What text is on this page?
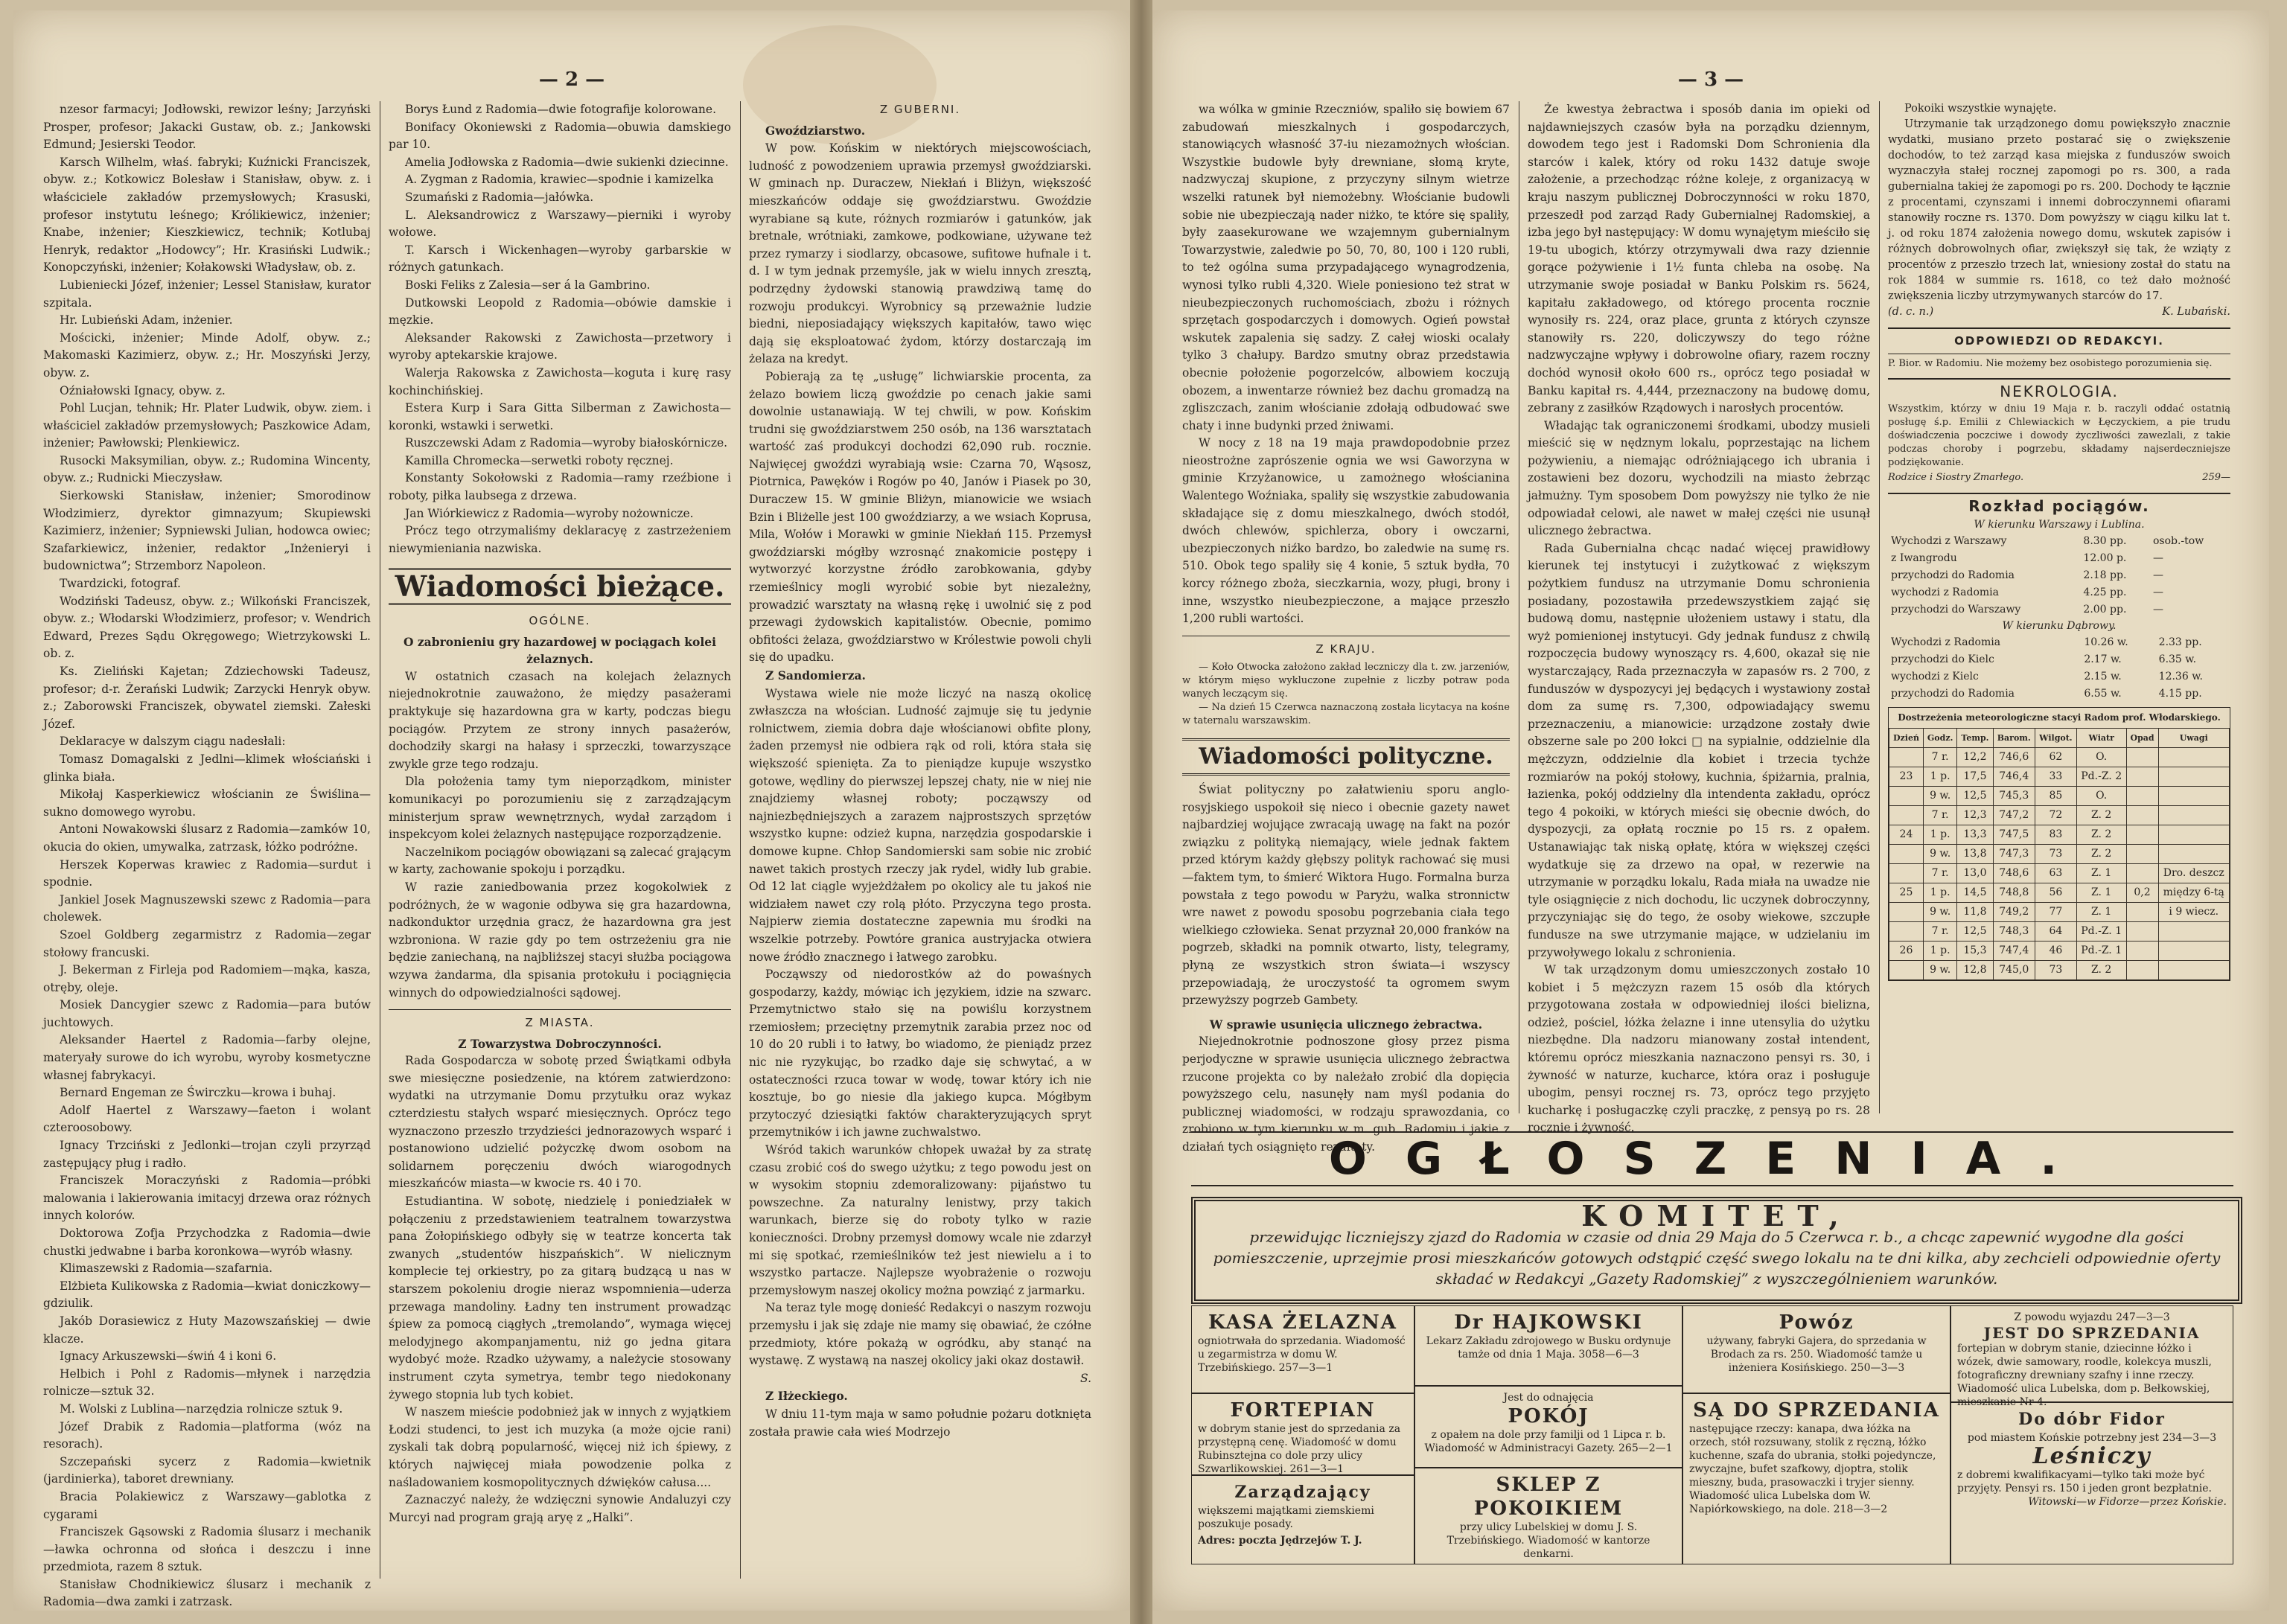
— 2 —

nzesor farmacyi; Jodłowski, rewizor leśny; Jarzyński Prosper, profesor; Jakacki Gustaw, ob. z.; Jankowski Edmund; Jesierski Teodor.

Karsch Wilhelm, właś. fabryki; Kuźnicki Franciszek, obyw. z.; Kotkowicz Bolesław i Stanisław, obyw. z. i właściciele zakładów przemysłowych; Krasuski, profesor instytutu leśnego; Królikiewicz, inżenier; Knabe, inżenier; Kieszkiewicz, technik; Kotlubaj Henryk, redaktor „Hodowcy”; Hr. Krasiński Ludwik.; Konopczyński, inżenier; Kołakowski Władysław, ob. z.

Lubieniecki Józef, inżenier; Lessel Stanisław, kurator szpitala.

Hr. Lubieński Adam, inżenier.

Mościcki, inżenier; Minde Adolf, obyw. z.; Makomaski Kazimierz, obyw. z.; Hr. Moszyński Jerzy, obyw. z.

Oźniałowski Ignacy, obyw. z.

Pohl Lucjan, tehnik; Hr. Plater Ludwik, obyw. ziem. i właściciel zakładów przemysłowych; Paszkowice Adam, inżenier; Pawłowski; Plenkiewicz.

Rusocki Maksymilian, obyw. z.; Rudomina Wincenty, obyw. z.; Rudnicki Mieczysław.

Sierkowski Stanisław, inżenier; Smorodinow Włodzimierz, dyrektor gimnazyum; Skupiewski Kazimierz, inżenier; Sypniewski Julian, hodowca owiec; Szafarkiewicz, inżenier, redaktor „Inżenieryi i budownictwa”; Strzemborz Napoleon.

Twardzicki, fotograf.

Wodziński Tadeusz, obyw. z.; Wilkoński Franciszek, obyw. z.; Włodarski Włodzimierz, profesor; v. Wendrich Edward, Prezes Sądu Okręgowego; Wietrzykowski L. ob. z.

Ks. Zieliński Kajetan; Zdziechowski Tadeusz, profesor; d-r. Żerański Ludwik; Zarzycki Henryk obyw. z.; Zaborowski Franciszek, obywatel ziemski. Załeski Józef.

Deklaracye w dalszym ciągu nadesłali:

Tomasz Domagalski z Jedlni—klimek włościański i glinka biała.

Mikołaj Kasperkiewicz włościanin ze Świślina—sukno domowego wyrobu.

Antoni Nowakowski ślusarz z Radomia—zamków 10, okucia do okien, umywalka, zatrzask, łóżko podróżne.

Herszek Koperwas krawiec z Radomia—surdut i spodnie.

Jankiel Josek Magnuszewski szewc z Radomia—para cholewek.

Szoel Goldberg zegarmistrz z Radomia—zegar stołowy francuski.

J. Bekerman z Firleja pod Radomiem—mąka, kasza, otręby, oleje.

Mosiek Dancygier szewc z Radomia—para butów juchtowych.

Aleksander Haertel z Radomia—farby olejne, materyały surowe do ich wyrobu, wyroby kosmetyczne własnej fabrykacyi.

Bernard Engeman ze Świrczku—krowa i buhaj.

Adolf Haertel z Warszawy—faeton i wolant czteroosobowy.

Ignacy Trzciński z Jedlonki—trojan czyli przyrząd zastępujący pług i radło.

Franciszek Moraczyński z Radomia—próbki malowania i lakierowania imitacyj drzewa oraz różnych innych kolorów.

Doktorowa Zofja Przychodzka z Radomia—dwie chustki jedwabne i barba koronkowa—wyrób własny.

Klimaszewski z Radomia—szafarnia.

Elżbieta Kulikowska z Radomia—kwiat doniczkowy—gdziulik.

Jakób Dorasiewicz z Huty Mazowszańskiej — dwie klacze.

Ignacy Arkuszewski—świń 4 i koni 6.

Helbich i Pohl z Radomis—młynek i narzędzia rolnicze—sztuk 32.

M. Wolski z Lublina—narzędzia rolnicze sztuk 9.

Józef Drabik z Radomia—platforma (wóz na resorach).

Szczepański sycerz z Radomia—kwietnik (jardinierka), taboret drewniany.

Bracia Polakiewicz z Warszawy—gablotka z cygarami

Franciszek Gąsowski z Radomia ślusarz i mechanik—ławka ochronna od słońca i deszczu i inne przedmiota, razem 8 sztuk.

Stanisław Chodnikiewicz ślusarz i mechanik z Radomia—dwa zamki i zatrzask.

Borys Łund z Radomia—dwie fotografije kolorowane.

Bonifacy Okoniewski z Radomia—obuwia damskiego par 10.

Amelia Jodłowska z Radomia—dwie sukienki dziecinne.

A. Zygman z Radomia, krawiec—spodnie i kamizelka

Szumański z Radomia—jałówka.

L. Aleksandrowicz z Warszawy—pierniki i wyroby wołowe.

T. Karsch i Wickenhagen—wyroby garbarskie w różnych gatunkach.

Boski Feliks z Zalesia—ser á la Gambrino.

Dutkowski Leopold z Radomia—obówie damskie i męzkie.

Aleksander Rakowski z Zawichosta—przetwory i wyroby aptekarskie krajowe.

Walerja Rakowska z Zawichosta—koguta i kurę rasy kochinchińskiej.

Estera Kurp i Sara Gitta Silberman z Zawichosta—koronki, wstawki i serwetki.

Ruszczewski Adam z Radomia—wyroby białoskórnicze.

Kamilla Chromecka—serwetki roboty ręcznej.

Konstanty Sokołowski z Radomia—ramy rzeźbione i roboty, piłka laubsega z drzewa.

Jan Wiórkiewicz z Radomia—wyroby nożownicze.

Prócz tego otrzymaliśmy deklaracyę z zastrzeżeniem niewymieniania nazwiska.

Wiadomości bieżące.
OGÓLNE.
O zabronieniu gry hazardowej w pociągach kolei żelaznych.

W ostatnich czasach na kolejach żelaznych niejednokrotnie zauważono, że między pasażerami praktykuje się hazardowna gra w karty, podczas biegu pociągów. Przytem ze strony innych pasażerów, dochodziły skargi na hałasy i sprzeczki, towarzyszące zwykle grze tego rodzaju.

Dla położenia tamy tym nieporządkom, minister komunikacyi po porozumieniu się z zarządzającym ministerjum spraw wewnętrznych, wydał zarządom i inspekcyom kolei żelaznych następujące rozporządzenie.

Naczelnikom pociągów obowiązani są zalecać grającym w karty, zachowanie spokoju i porządku.

W razie zaniedbowania przez kogokolwiek z podróżnych, że w wagonie odbywa się gra hazardowna, nadkonduktor urzędnia gracz, że hazardowna gra jest wzbroniona. W razie gdy po tem ostrzeżeniu gra nie będzie zaniechaną, na najbliższej stacyi służba pociągowa wzywa żandarma, dla spisania protokułu i pociągnięcia winnych do odpowiedzialności sądowej.

Z MIASTA.
Z Towarzystwa Dobroczynności.

Rada Gospodarcza w sobotę przed Świątkami odbyła swe miesięczne posiedzenie, na którem zatwierdzono: wydatki na utrzymanie Domu przytułku oraz wykaz czterdziestu stałych wsparć miesięcznych. Oprócz tego wyznaczono przeszło trzydzieści jednorazowych wsparć i postanowiono udzielić pożyczkę dwom osobom na solidarnem poręczeniu dwóch wiarogodnych mieszkańców miasta—w kwocie rs. 40 i 70.

Estudiantina. W sobotę, niedzielę i poniedziałek w połączeniu z przedstawieniem teatralnem towarzystwa pana Żołopińskiego odbyły się w teatrze koncerta tak zwanych „studentów hiszpańskich”. W nielicznym komplecie tej orkiestry, po za gitarą budzącą u nas w starszem pokoleniu drogie nieraz wspomnienia—uderza przewaga mandoliny. Ładny ten instrument prowadząc śpiew za pomocą ciągłych „tremolando”, wymaga więcej melodyjnego akompanjamentu, niż go jedna gitara wydobyć może. Rzadko używamy, a należycie stosowany instrument czyta symetrya, tembr tego niedokonany żywego stopnia lub tych kobiet.

W naszem mieście podobnież jak w innych z wyjątkiem Łodzi studenci, to jest ich muzyka (a może ojcie rani) zyskali tak dobrą popularność, więcej niż ich śpiewy, z których najwięcej miała powodzenie polka z naśladowaniem kosmopolitycznych dźwięków całusa....

Zaznaczyć należy, że wdzięczni synowie Andaluzyi czy Murcyi nad program grają aryę z „Halki”.

Z GUBERNI.

Gwoździarstwo.

W pow. Końskim w niektórych miejscowościach, ludność z powodzeniem uprawia przemysł gwoździarski. W gminach np. Duraczew, Niekłań i Bliżyn, większość mieszkańców oddaje się gwoździarstwu. Gwoździe wyrabiane są kute, różnych rozmiarów i gatunków, jak bretnale, wrótniaki, zamkowe, podkowiane, używane też przez rymarzy i siodlarzy, obcasowe, sufitowe hufnale i t. d. I w tym jednak przemyśle, jak w wielu innych zresztą, podrzędny żydowski stanowią prawdziwą tamę do rozwoju produkcyi. Wyrobnicy są przeważnie ludzie biedni, nieposiadający większych kapitałów, tawo więc dają się eksploatować żydom, którzy dostarczają im żelaza na kredyt.

Pobierają za tę „usługę” lichwiarskie procenta, za żelazo bowiem liczą gwoździe po cenach jakie sami dowolnie ustanawiają. W tej chwili, w pow. Końskim trudni się gwoździarstwem 250 osób, na 136 warsztatach wartość zaś produkcyi dochodzi 62,090 rub. rocznie. Najwięcej gwoździ wyrabiają wsie: Czarna 70, Wąsosz, Piotrnica, Pawęków i Rogów po 40, Janów i Piasek po 30, Duraczew 15. W gminie Bliżyn, mianowicie we wsiach Bzin i Bliżelle jest 100 gwoździarzy, a we wsiach Koprusa, Mila, Wołów i Morawki w gminie Niekłań 115. Przemysł gwoździarski mógłby wzrosnąć znakomicie postępy i wytworzyć korzystne źródło zarobkowania, gdyby rzemieślnicy mogli wyrobić sobie byt niezależny, prowadzić warsztaty na własną rękę i uwolnić się z pod przewagi żydowskich kapitalistów. Obecnie, pomimo obfitości żelaza, gwoździarstwo w Królestwie powoli chyli się do upadku.

Z Sandomierza.

Wystawa wiele nie może liczyć na naszą okolicę zwłaszcza na włościan. Ludność zajmuje się tu jedynie rolnictwem, ziemia dobra daje włościanowi obfite plony, żaden przemysł nie odbiera rąk od roli, która stała się większość spienięta. Za to pieniądze kupuje wszystko gotowe, wędliny do pierwszej lepszej chaty, nie w niej nie znajdziemy własnej roboty; począwszy od najniezbędniejszych a zarazem najprostszych sprzętów wszystko kupne: odzież kupna, narzędzia gospodarskie i domowe kupne. Chłop Sandomierski sam sobie nic zrobić nawet takich prostych rzeczy jak rydel, widły lub grabie. Od 12 lat ciągle wyjeżdżałem po okolicy ale tu jakoś nie widziałem nawet czy rolą płóto. Przyczyna tego prosta. Najpierw ziemia dostateczne zapewnia mu środki na wszelkie potrzeby. Powtóre granica austryjacka otwiera nowe źródło znacznego i łatwego zarobku.

Począwszy od niedorostków aż do powaśnych gospodarzy, każdy, mówiąc ich językiem, idzie na szwarc. Przemytnictwo stało się na powiślu korzystnem rzemiosłem; przeciętny przemytnik zarabia przez noc od 10 do 20 rubli i to łatwy, bo wiadomo, że pieniądz przez nic nie ryzykując, bo rzadko daje się schwytać, a w ostateczności rzuca towar w wodę, towar który ich nie kosztuje, bo go niesie dla jakiego kupca. Mógłbym przytoczyć dziesiątki faktów charakteryzujących spryt przemytników i ich jawne zuchwalstwo.

Wśród takich warunków chłopek uważał by za stratę czasu zrobić coś do swego użytku; z tego powodu jest on w wysokim stopniu zdemoralizowany: pijaństwo tu powszechne. Za naturalny lenistwy, przy takich warunkach, bierze się do roboty tylko w razie konieczności. Drobny przemysł domowy wcale nie zdarzył mi się spotkać, rzemieślników też jest niewielu a i to wszystko partacze. Najlepsze wyobrażenie o rozwoju przemysłowym naszej okolicy można powziąć z jarmarku.

Na teraz tyle mogę donieść Redakcyi o naszym rozwoju przemysłu i jak się zdaje nie mamy się obawiać, że czółne przedmioty, które pokażą w ogródku, aby stanąć na wystawę. Z wystawą na naszej okolicy jaki okaz dostawił.

S.

Z Iłżeckiego.

W dniu 11-tym maja w samo południe pożaru dotknięta została prawie cała wieś Modrzejo

— 3 —

wa wólka w gminie Rzeczniów, spaliło się bowiem 67 zabudowań mieszkalnych i gospodarczych, stanowiących własność 37-iu niezamożnych włościan. Wszystkie budowle były drewniane, słomą kryte, nadzwyczaj skupione, z przyczyny silnym wietrze wszelki ratunek był niemożebny. Włościanie budowli sobie nie ubezpieczają nader niżko, te które się spaliły, były zaasekurowane we wzajemnym gubernialnym Towarzystwie, zaledwie po 50, 70, 80, 100 i 120 rubli, to też ogólna suma przypadającego wynagrodzenia, wynosi tylko rubli 4,320. Wiele poniesiono też strat w nieubezpieczonych ruchomościach, zbożu i różnych sprzętach gospodarczych i domowych. Ogień powstał wskutek zapalenia się sadzy. Z całej wioski ocalały tylko 3 chałupy. Bardzo smutny obraz przedstawia obecnie położenie pogorzelców, albowiem koczują obozem, a inwentarze również bez dachu gromadzą na zgliszczach, zanim włościanie zdołają odbudować swe chaty i inne budynki przed żniwami.

W nocy z 18 na 19 maja prawdopodobnie przez nieostrożne zaprószenie ognia we wsi Gaworzyna w gminie Krzyżanowice, u zamożnego włościanina Walentego Woźniaka, spaliły się wszystkie zabudowania składające się z domu mieszkalnego, dwóch stodół, dwóch chlewów, spichlerza, obory i owczarni, ubezpieczonych niźko bardzo, bo zaledwie na sumę rs. 510. Obok tego spaliły się 4 konie, 5 sztuk bydła, 70 korcy różnego zboża, sieczkarnia, wozy, pługi, brony i inne, wszystko nieubezpieczone, a mające przeszło 1,200 rubli wartości.

Z KRAJU.

— Koło Otwocka założono zakład leczniczy dla t. zw. jarzeniów, w którym mięso wykluczone zupełnie z liczby potraw poda wanych leczącym się.

— Na dzień 15 Czerwca naznaczoną została licytacya na kośne w taternalu warszawskim.

Wiadomości polityczne.

Świat polityczny po załatwieniu sporu anglo-rosyjskiego uspokoił się nieco i obecnie gazety nawet najbardziej wojujące zwracają uwagę na fakt na pozór związku z polityką niemający, wiele jednak faktem przed którym każdy głębszy polityk rachować się musi—faktem tym, to śmierć Wiktora Hugo. Formalna burza powstała z tego powodu w Paryżu, walka stronnictw wre nawet z powodu sposobu pogrzebania ciała tego wielkiego człowieka. Senat przyznał 20,000 franków na pogrzeb, składki na pomnik otwarto, listy, telegramy, płyną ze wszystkich stron świata—i wszyscy przepowiadają, że uroczystość ta ogromem swym przewyższy pogrzeb Gambety.

W sprawie usunięcia ulicznego żebractwa.

Niejednokrotnie podnoszone głosy przez pisma perjodyczne w sprawie usunięcia ulicznego żebractwa rzucone projekta co by należało zrobić dla dopięcia powyższego celu, nasunęły nam myśl podania do publicznej wiadomości, w rodzaju sprawozdania, co zrobiono w tym kierunku w m. gub. Radomiu i jakie z działań tych osiągnięto rezultaty.

Że kwestya żebractwa i sposób dania im opieki od najdawniejszych czasów była na porządku dziennym, dowodem tego jest i Radomski Dom Schronienia dla starców i kalek, który od roku 1432 datuje swoje założenie, a przechodząc różne koleje, z organizacyą w kraju naszym publicznej Dobroczynności w roku 1870, przeszedł pod zarząd Rady Gubernialnej Radomskiej, a izba jego był następujący: W domu wynajętym mieściło się 19-tu ubogich, którzy otrzymywali dwa razy dziennie gorące pożywienie i 1½ funta chleba na osobę. Na utrzymanie swoje posiadał w Banku Polskim rs. 5624, kapitału zakładowego, od którego procenta rocznie wynosiły rs. 224, oraz place, grunta z których czynsze stanowiły rs. 220, doliczywszy do tego różne nadzwyczajne wpływy i dobrowolne ofiary, razem roczny dochód wynosił około 600 rs., oprócz tego posiadał w Banku kapitał rs. 4,444, przeznaczony na budowę domu, zebrany z zasiłków Rządowych i narosłych procentów.

Władając tak ograniczonemi środkami, ubodzy musieli mieścić się w nędznym lokalu, poprzestając na lichem pożywieniu, a niemając odróżniającego ich ubrania i zostawieni bez dozoru, wychodzili na miasto żebrząc jałmużny. Tym sposobem Dom powyższy nie tylko że nie odpowiadał celowi, ale nawet w małej części nie usunął ulicznego żebractwa.

Rada Gubernialna chcąc nadać więcej prawidłowy kierunek tej instytucyi i zużytkować z większym pożytkiem fundusz na utrzymanie Domu schronienia posiadany, pozostawiła przedewszystkiem zająć się budową domu, następnie ułożeniem ustawy i statu, dla wyż pomienionej instytucyi. Gdy jednak fundusz z chwilą rozpoczęcia budowy wynoszący rs. 4,600, okazał się nie wystarczający, Rada przeznaczyła w zapasów rs. 2 700, z funduszów w dyspozycyi jej będących i wystawiony został dom za sumę rs. 7,300, odpowiadający swemu przeznaczeniu, a mianowicie: urządzone zostały dwie obszerne sale po 200 łokci □ na sypialnie, oddzielnie dla mężczyzn, oddzielnie dla kobiet i trzecia tychże rozmiarów na pokój stołowy, kuchnia, śpiżarnia, pralnia, łazienka, pokój oddzielny dla intendenta zakładu, oprócz tego 4 pokoiki, w których mieści się obecnie dwóch, do dyspozycji, za opłatą rocznie po 15 rs. z opałem. Ustanawiając tak niską opłatę, która w większej części wydatkuje się za drzewo na opał, w rezerwie na utrzymanie w porządku lokalu, Rada miała na uwadze nie tyle osiągnięcie z nich dochodu, lic uczynek dobroczynny, przyczyniając się do tego, że osoby wiekowe, szczupłe fundusze na swe utrzymanie mające, w udzielaniu im przywoływego lokalu z schronienia.

W tak urządzonym domu umieszczonych zostało 10 kobiet i 5 mężczyzn razem 15 osób dla których przygotowana została w odpowiedniej ilości bielizna, odzież, pościel, łóżka żelazne i inne utensylia do użytku niezbędne. Dla nadzoru mianowany został intendent, któremu oprócz mieszkania naznaczono pensyi rs. 30, i żywność w naturze, kucharce, która oraz i posługuje ubogim, pensyi rocznej rs. 73, oprócz tego przyjęto kucharkę i posługaczkę czyli praczkę, z pensyą po rs. 28 rocznie i żywność.

Pokoiki wszystkie wynajęte.

Utrzymanie tak urządzonego domu powiększyło znacznie wydatki, musiano przeto postarać się o zwiększenie dochodów, to też zarząd kasa miejska z funduszów swoich wyznaczyła stałej rocznej zapomogi po rs. 300, a rada gubernialna takiej że zapomogi po rs. 200. Dochody te łącznie z procentami, czynszami i innemi dobroczynnemi ofiarami stanowiły roczne rs. 1370. Dom powyższy w ciągu kilku lat t. j. od roku 1874 założenia nowego domu, wskutek zapisów i różnych dobrowolnych ofiar, zwiększył się tak, że wziąty z procentów z przeszło trzech lat, wniesiony został do statu na rok 1884 w summie rs. 1618, co też dało możność zwiększenia liczby utrzymywanych starców do 17.

(d. c. n.)	K. Lubański.
ODPOWIEDZI OD REDAKCYI.
P. Bior. w Radomiu. Nie możemy bez osobistego porozumienia się.
NEKROLOGIA.
Wszystkim, którzy w dniu 19 Maja r. b. raczyli oddać ostatnią posługę ś.p. Emilii z Chlewiackich w Łęczyckiem, a pie trudu doświadczenia poczciwe i dowody życzliwości zawezlali, z takie podczas choroby i pogrzebu, składamy najserdeczniejsze podziękowanie.
Rodzice i Siostry Zmarłego.	259—
Rozkład pociągów.
W kierunku Warszawy i Lublina.
Wychodzi z Warszawy	8.30 pp.	osob.-tow
z Iwangrodu	12.00 p.	—
przychodzi do Radomia	2.18 pp.	—
wychodzi z Radomia	4.25 pp.	—
przychodzi do Warszawy	2.00 pp.	—
W kierunku Dąbrowy.
Wychodzi z Radomia	10.26 w.	2.33 pp.
przychodzi do Kielc	2.17 w.	6.35 w.
wychodzi z Kielc	2.15 w.	12.36 w.
przychodzi do Radomia	6.55 w.	4.15 pp.
Dostrzeżenia meteorologiczne stacyi Radom prof. Włodarskiego.
Dzień	Godz.	Temp.	Barom.	Wilgot.	Wiatr	Opad	Uwagi
	7 r.	12,2	746,6	62	O.		
23	1 p.	17,5	746,4	33	Pd.-Z. 2		
	9 w.	12,5	745,3	85	O.		
	7 r.	12,3	747,2	72	Z. 2		
24	1 p.	13,3	747,5	83	Z. 2		
	9 w.	13,8	747,3	73	Z. 2		
	7 r.	13,0	748,6	63	Z. 1		Dro. deszcz
25	1 p.	14,5	748,8	56	Z. 1	0,2	między 6-tą
	9 w.	11,8	749,2	77	Z. 1		i 9 wiecz.
	7 r.	12,5	748,3	64	Pd.-Z. 1		
26	1 p.	15,3	747,4	46	Pd.-Z. 1		
	9 w.	12,8	745,0	73	Z. 2		
OGŁOSZENIA.
KOMITET,
przewidując liczniejszy zjazd do Radomia w czasie od dnia 29 Maja do 5 Czerwca r. b., a chcąc zapewnić wygodne dla gości pomieszczenie, uprzejmie prosi mieszkańców gotowych odstąpić część swego lokalu na te dni kilka, aby zechcieli odpowiednie oferty składać w Redakcyi „Gazety Radomskiej” z wyszczególnieniem warunków.
KASA ŻELAZNA
ogniotrwała do sprzedania. Wiadomość u zegarmistrza w domu W. Trzebińskiego. 257—3—1
FORTEPIAN
w dobrym stanie jest do sprzedania za przystępną cenę. Wiadomość w domu Rubinsztejna co dole przy ulicy Szwarlikowskiej. 261—3—1
Zarządzający
większemi majątkami ziemskiemi poszukuje posady.
Adres: poczta Jędrzejów T. J.
Dr HAJKOWSKI
Lekarz Zakładu zdrojowego w Busku ordynuje tamże od dnia 1 Maja. 3058—6—3
Jest do odnajęcia
POKÓJ
z opałem na dole przy familji od 1 Lipca r. b. Wiadomość w Administracyi Gazety. 265—2—1
SKLEP Z POKOIKIEM
przy ulicy Lubelskiej w domu J. S. Trzebińskiego. Wiadomość w kantorze denkarni.
Powóz
używany, fabryki Gajera, do sprzedania w Brodach za rs. 250. Wiadomość tamże u inżeniera Kosińskiego. 250—3—3
SĄ DO SPRZEDANIA
następujące rzeczy: kanapa, dwa łóżka na orzech, stół rozsuwany, stolik z ręczną, łóżko kuchenne, szafa do ubrania, stołki pojedyncze, zwyczajne, bufet szafkowy, djoptra, stolik mieszny, buda, prasowaczki i tryjer sienny. Wiadomość ulica Lubelska dom W. Napiórkowskiego, na dole. 218—3—2
Z powodu wyjazdu 247—3—3
JEST DO SPRZEDANIA
fortepian w dobrym stanie, dziecinne łóżko i wózek, dwie samowary, roodle, kolekcya muszli, fotograficzny drewniany szafny i inne rzeczy. Wiadomość ulica Lubelska, dom p. Bełkowskiej, mieszkanie Nr 4.
Do dóbr Fidor
pod miastem Końskie potrzebny jest 234—3—3
Leśniczy
z dobremi kwalifikacyami—tylko taki może być przyjęty. Pensyi rs. 150 i jeden gront bezpłatnie.
Witowski—w Fidorze—przez Końskie.
